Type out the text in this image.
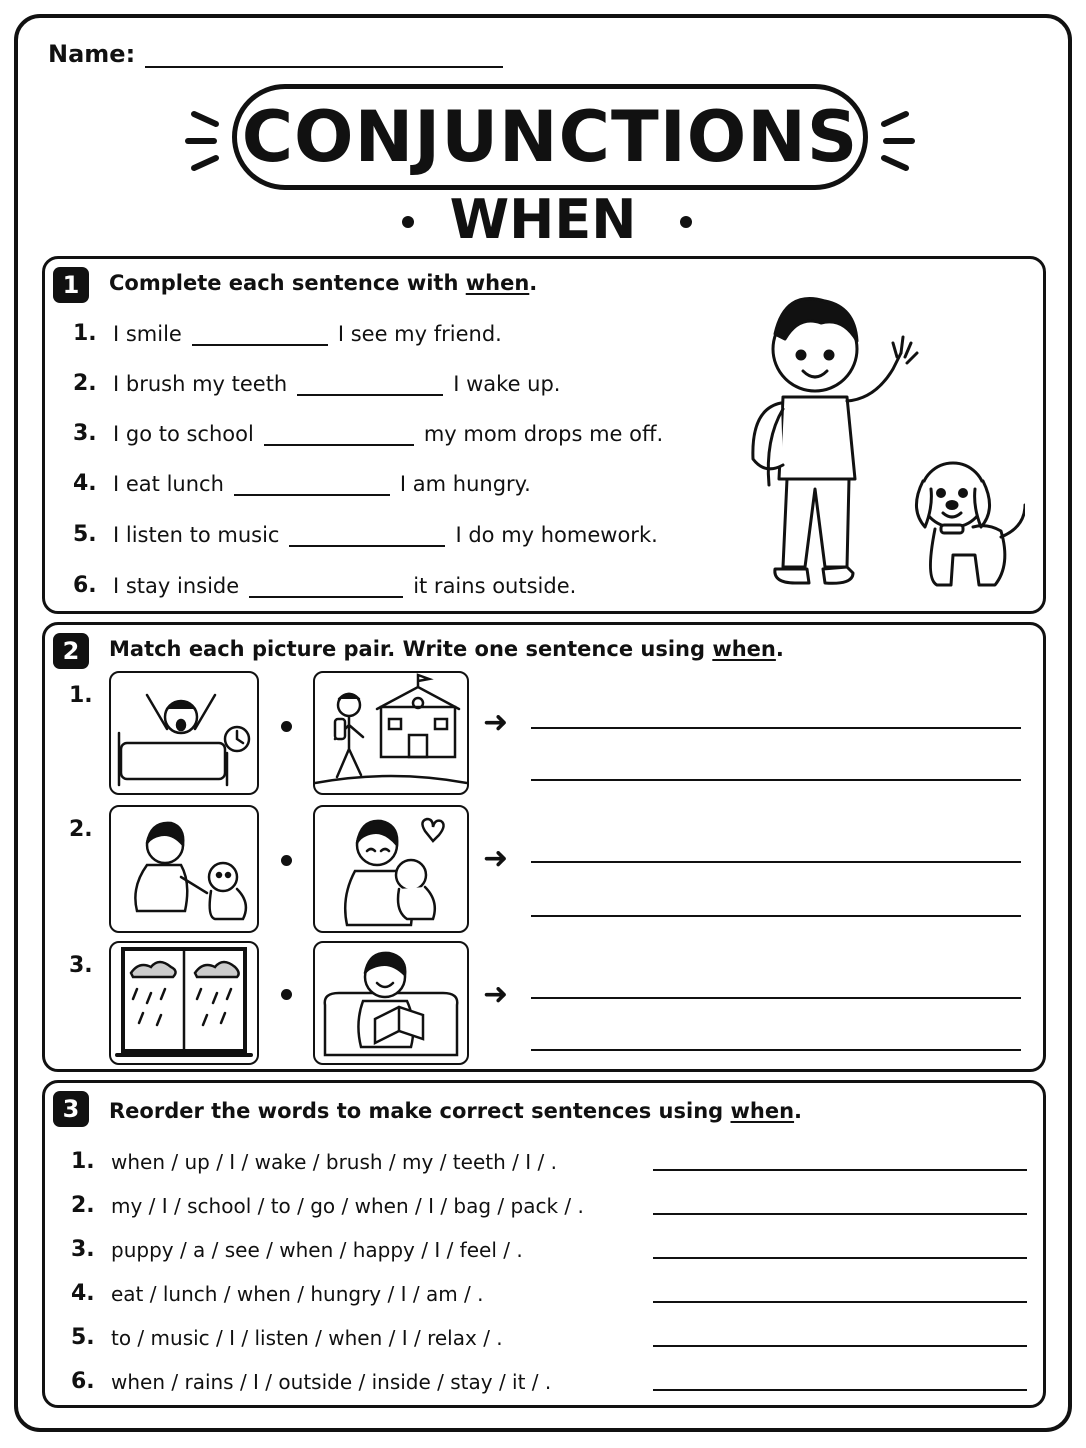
Name:
CONJUNCTIONS
WHEN
1	Complete each sentence with when.
1. I smile	I see my friend.
2. I brush my teeth	I wake up.
3. I go to school	my mom drops me off.
4. I eat lunch	I am hungry.
5. I listen to music	I do my homework.
6. I stay inside	it rains outside.
2	Match each picture pair. Write one sentence using when.
1.
➜
2.
➜
3.
➜
3	Reorder the words to make correct sentences using when.
1. when / up / I / wake / brush / my / teeth / I / .
2. my / I / school / to / go / when / I / bag / pack / .
3. puppy / a / see / when / happy / I / feel / .
4. eat / lunch / when / hungry / I / am / .
5. to / music / I / listen / when / I / relax / .
6. when / rains / I / outside / inside / stay / it / .
